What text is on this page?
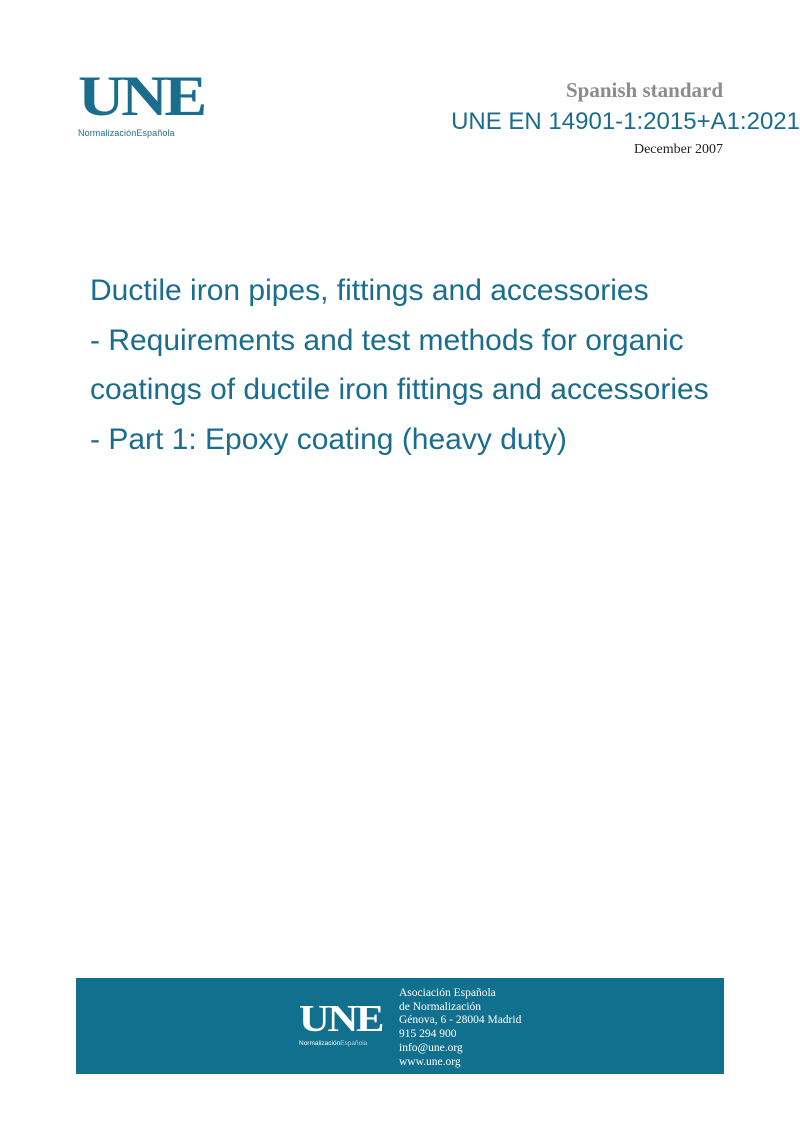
UNE
NormalizaciónEspañola
Spanish standard
UNE EN 14901-1:2015+A1:2021
December 2007
Ductile iron pipes, fittings and accessories
- Requirements and test methods for organic
coatings of ductile iron fittings and accessories
- Part 1: Epoxy coating (heavy duty)
UNE
NormalizaciónEspañola
Asociación Española
de Normalización
Génova, 6 - 28004 Madrid
915 294 900
info@une.org
www.une.org
